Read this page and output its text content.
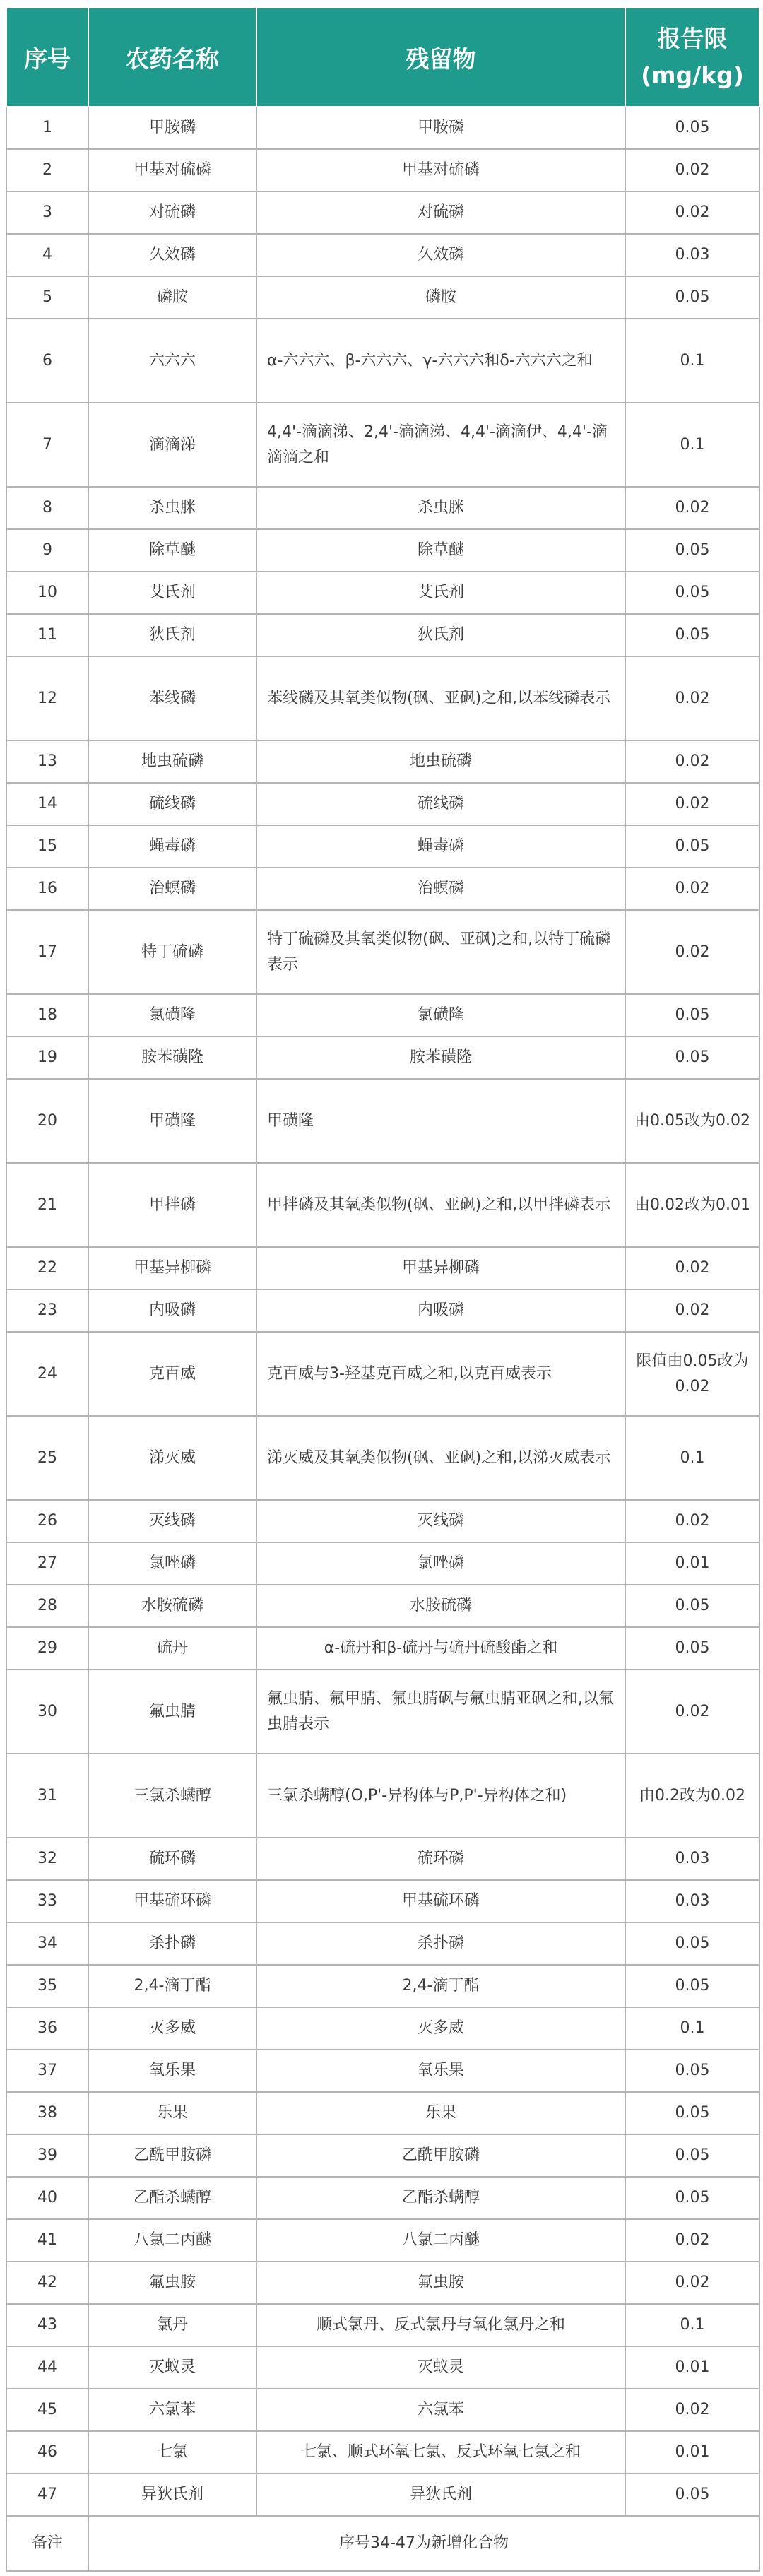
序号	农药名称	残留物	报告限
(mg/kg)
1	甲胺磷	甲胺磷	0.05
2	甲基对硫磷	甲基对硫磷	0.02
3	对硫磷	对硫磷	0.02
4	久效磷	久效磷	0.03
5	磷胺	磷胺	0.05
6	六六六	α-六六六、β-六六六、γ-六六六和δ-六六六之和	0.1
7	滴滴涕	4,4'-滴滴涕、2,4'-滴滴涕、4,4'-滴滴伊、4,4'-滴滴滴之和	0.1
8	杀虫脒	杀虫脒	0.02
9	除草醚	除草醚	0.05
10	艾氏剂	艾氏剂	0.05
11	狄氏剂	狄氏剂	0.05
12	苯线磷	苯线磷及其氧类似物(砜、亚砜)之和,以苯线磷表示	0.02
13	地虫硫磷	地虫硫磷	0.02
14	硫线磷	硫线磷	0.02
15	蝇毒磷	蝇毒磷	0.05
16	治螟磷	治螟磷	0.02
17	特丁硫磷	特丁硫磷及其氧类似物(砜、亚砜)之和,以特丁硫磷表示	0.02
18	氯磺隆	氯磺隆	0.05
19	胺苯磺隆	胺苯磺隆	0.05
20	甲磺隆	甲磺隆	由0.05改为0.02
21	甲拌磷	甲拌磷及其氧类似物(砜、亚砜)之和,以甲拌磷表示	由0.02改为0.01
22	甲基异柳磷	甲基异柳磷	0.02
23	内吸磷	内吸磷	0.02
24	克百威	克百威与3-羟基克百威之和,以克百威表示	限值由0.05改为0.02
25	涕灭威	涕灭威及其氧类似物(砜、亚砜)之和,以涕灭威表示	0.1
26	灭线磷	灭线磷	0.02
27	氯唑磷	氯唑磷	0.01
28	水胺硫磷	水胺硫磷	0.05
29	硫丹	α-硫丹和β-硫丹与硫丹硫酸酯之和	0.05
30	氟虫腈	氟虫腈、氟甲腈、氟虫腈砜与氟虫腈亚砜之和,以氟虫腈表示	0.02
31	三氯杀螨醇	三氯杀螨醇(O,P'-异构体与P,P'-异构体之和)	由0.2改为0.02
32	硫环磷	硫环磷	0.03
33	甲基硫环磷	甲基硫环磷	0.03
34	杀扑磷	杀扑磷	0.05
35	2,4-滴丁酯	2,4-滴丁酯	0.05
36	灭多威	灭多威	0.1
37	氧乐果	氧乐果	0.05
38	乐果	乐果	0.05
39	乙酰甲胺磷	乙酰甲胺磷	0.05
40	乙酯杀螨醇	乙酯杀螨醇	0.05
41	八氯二丙醚	八氯二丙醚	0.02
42	氟虫胺	氟虫胺	0.02
43	氯丹	顺式氯丹、反式氯丹与氧化氯丹之和	0.1
44	灭蚁灵	灭蚁灵	0.01
45	六氯苯	六氯苯	0.02
46	七氯	七氯、顺式环氧七氯、反式环氧七氯之和	0.01
47	异狄氏剂	异狄氏剂	0.05
备注	序号34-47为新增化合物		
